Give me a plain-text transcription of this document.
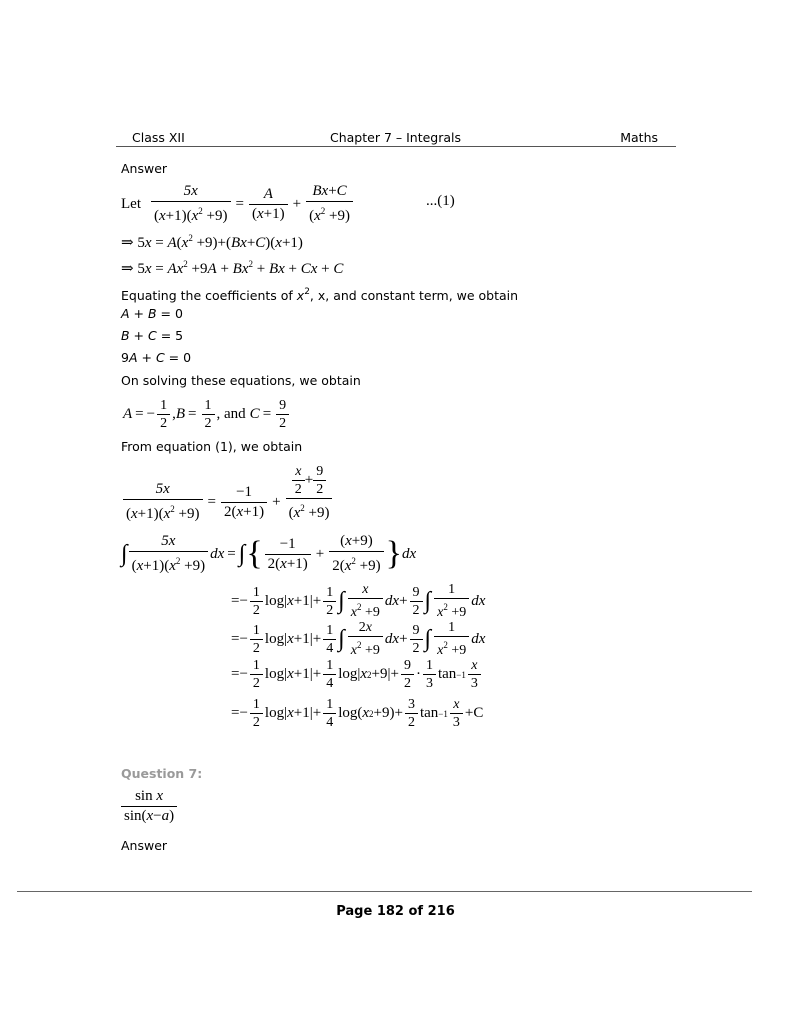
Class XII	Chapter 7 – Integrals	Maths
Answer
Let $\frac{5x}{(x+1)(x^2 +9)} = \frac{A}{(x+1)} + \frac{Bx+C}{(x^2 +9)}$	...(1)
⇒ $5x = A(x^2 +9)+(Bx+C)(x+1)$
⇒ $5x = Ax^2 +9A + Bx^2 + Bx + Cx + C$
Equating the coefficients of $x^2$, x, and constant term, we obtain
A + B = 0
B + C = 5
9A + C = 0
On solving these equations, we obtain
A = − $\frac{1}{2}$ , $B = \frac{1}{2}$ , and $C = \frac{9}{2}$
From equation (1), we obtain
$\frac{5x}{(x+1)(x^2 +9)} = \frac{-1}{2(x+1)} + \frac{\frac{x}{2} + \frac{9}{2}}{(x^2 +9)}$
∫ $\frac{5x}{(x+1)(x^2 +9)}$ dx = ∫ { $\frac{-1}{2(x+1)} + \frac{(x+9)}{2(x^2 +9)}$ } dx
=− $\frac{1}{2} \log|$ $x +1|+ \frac{1}{2}$ ∫ $\frac{x}{x^2 +9}$ dx + $\frac{9}{2}$ ∫ $\frac{1}{x^2 +9}$ dx
=− $\frac{1}{2} \log|$ $x +1|+ \frac{1}{4}$ ∫ $\frac{2x}{x^2 +9}$ dx + $\frac{9}{2}$ ∫ $\frac{1}{x^2 +9}$ dx
=− $\frac{1}{2} \log|$ $x +1|+ \frac{1}{4} \log|$ x $2 +9|+ \frac{9}{2} \cdot \frac{1}{3}$ $\tan -1 \frac{x}{3}$
=− $\frac{1}{2} \log|$ $x +1|+ \frac{1}{4} \log$( x $2 +9)+ \frac{3}{2}$ $\tan -1 \frac{x}{3} +C$
Question 7:
$\frac{\text{sin x}}{\sin(x-a)}$
Answer
Page 182 of 216
